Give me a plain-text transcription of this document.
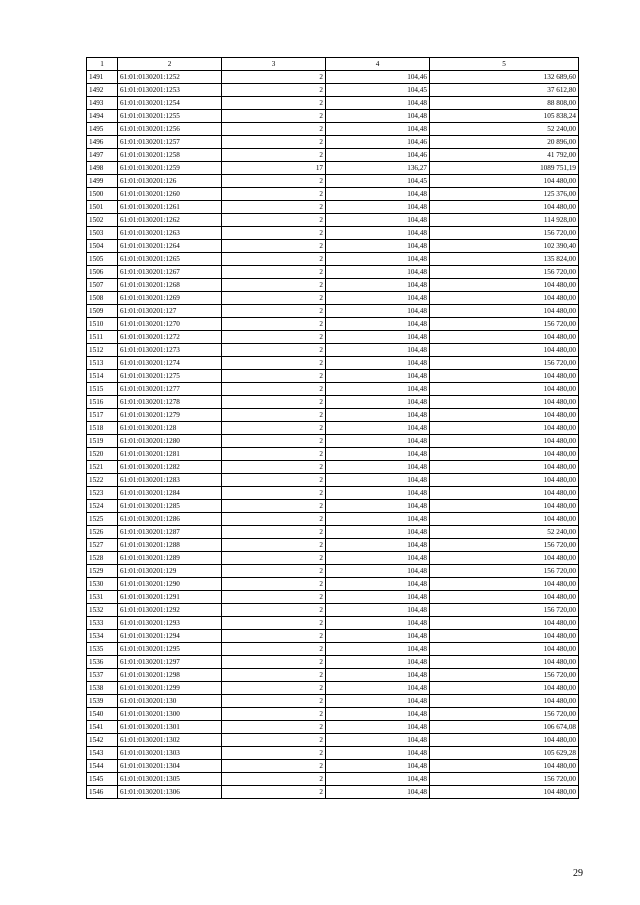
1	2	3	4	5
1491	61:01:0130201:1252	2	104,46	132 689,60
1492	61:01:0130201:1253	2	104,45	37 612,80
1493	61:01:0130201:1254	2	104,48	88 808,00
1494	61:01:0130201:1255	2	104,48	105 838,24
1495	61:01:0130201:1256	2	104,48	52 240,00
1496	61:01:0130201:1257	2	104,46	20 896,00
1497	61:01:0130201:1258	2	104,46	41 792,00
1498	61:01:0130201:1259	17	136,27	1089 751,19
1499	61:01:0130201:126	2	104,45	104 480,00
1500	61:01:0130201:1260	2	104,48	125 376,00
1501	61:01:0130201:1261	2	104,48	104 480,00
1502	61:01:0130201:1262	2	104,48	114 928,00
1503	61:01:0130201:1263	2	104,48	156 720,00
1504	61:01:0130201:1264	2	104,48	102 390,40
1505	61:01:0130201:1265	2	104,48	135 824,00
1506	61:01:0130201:1267	2	104,48	156 720,00
1507	61:01:0130201:1268	2	104,48	104 480,00
1508	61:01:0130201:1269	2	104,48	104 480,00
1509	61:01:0130201:127	2	104,48	104 480,00
1510	61:01:0130201:1270	2	104,48	156 720,00
1511	61:01:0130201:1272	2	104,48	104 480,00
1512	61:01:0130201:1273	2	104,48	104 480,00
1513	61:01:0130201:1274	2	104,48	156 720,00
1514	61:01:0130201:1275	2	104,48	104 480,00
1515	61:01:0130201:1277	2	104,48	104 480,00
1516	61:01:0130201:1278	2	104,48	104 480,00
1517	61:01:0130201:1279	2	104,48	104 480,00
1518	61:01:0130201:128	2	104,48	104 480,00
1519	61:01:0130201:1280	2	104,48	104 480,00
1520	61:01:0130201:1281	2	104,48	104 480,00
1521	61:01:0130201:1282	2	104,48	104 480,00
1522	61:01:0130201:1283	2	104,48	104 480,00
1523	61:01:0130201:1284	2	104,48	104 480,00
1524	61:01:0130201:1285	2	104,48	104 480,00
1525	61:01:0130201:1286	2	104,48	104 480,00
1526	61:01:0130201:1287	2	104,48	52 240,00
1527	61:01:0130201:1288	2	104,48	156 720,00
1528	61:01:0130201:1289	2	104,48	104 480,00
1529	61:01:0130201:129	2	104,48	156 720,00
1530	61:01:0130201:1290	2	104,48	104 480,00
1531	61:01:0130201:1291	2	104,48	104 480,00
1532	61:01:0130201:1292	2	104,48	156 720,00
1533	61:01:0130201:1293	2	104,48	104 480,00
1534	61:01:0130201:1294	2	104,48	104 480,00
1535	61:01:0130201:1295	2	104,48	104 480,00
1536	61:01:0130201:1297	2	104,48	104 480,00
1537	61:01:0130201:1298	2	104,48	156 720,00
1538	61:01:0130201:1299	2	104,48	104 480,00
1539	61:01:0130201:130	2	104,48	104 480,00
1540	61:01:0130201:1300	2	104,48	156 720,00
1541	61:01:0130201:1301	2	104,48	106 674,08
1542	61:01:0130201:1302	2	104,48	104 480,00
1543	61:01:0130201:1303	2	104,48	105 629,28
1544	61:01:0130201:1304	2	104,48	104 480,00
1545	61:01:0130201:1305	2	104,48	156 720,00
1546	61:01:0130201:1306	2	104,48	104 480,00
29
